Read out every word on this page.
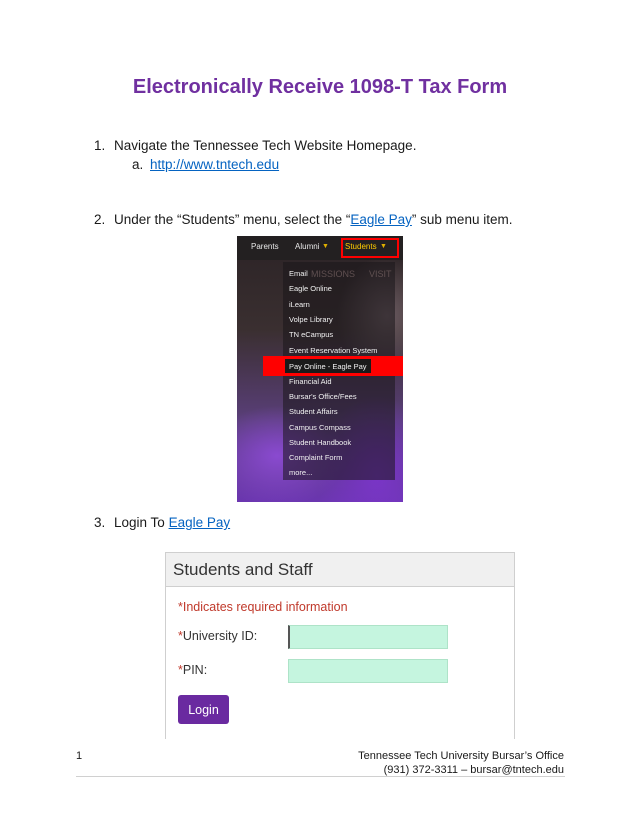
Electronically Receive 1098-T Tax Form
1. Navigate the Tennessee Tech Website Homepage.
a. http://www.tntech.edu
2. Under the “Students” menu, select the “Eagle Pay” sub menu item.
Parents Alumni ▼ Students ▼
MISSIONS VISIT
Email
Eagle Online
iLearn
Volpe Library
TN eCampus
Event Reservation System
Pay Online - Eagle Pay
Financial Aid
Bursar's Office/Fees
Student Affairs
Campus Compass
Student Handbook
Complaint Form
more...
3. Login To Eagle Pay
Students and Staff
*Indicates required information
*University ID:
*PIN:
Login
1	Tennessee Tech University Bursar’s Office
(931) 372-3311 – bursar@tntech.edu
